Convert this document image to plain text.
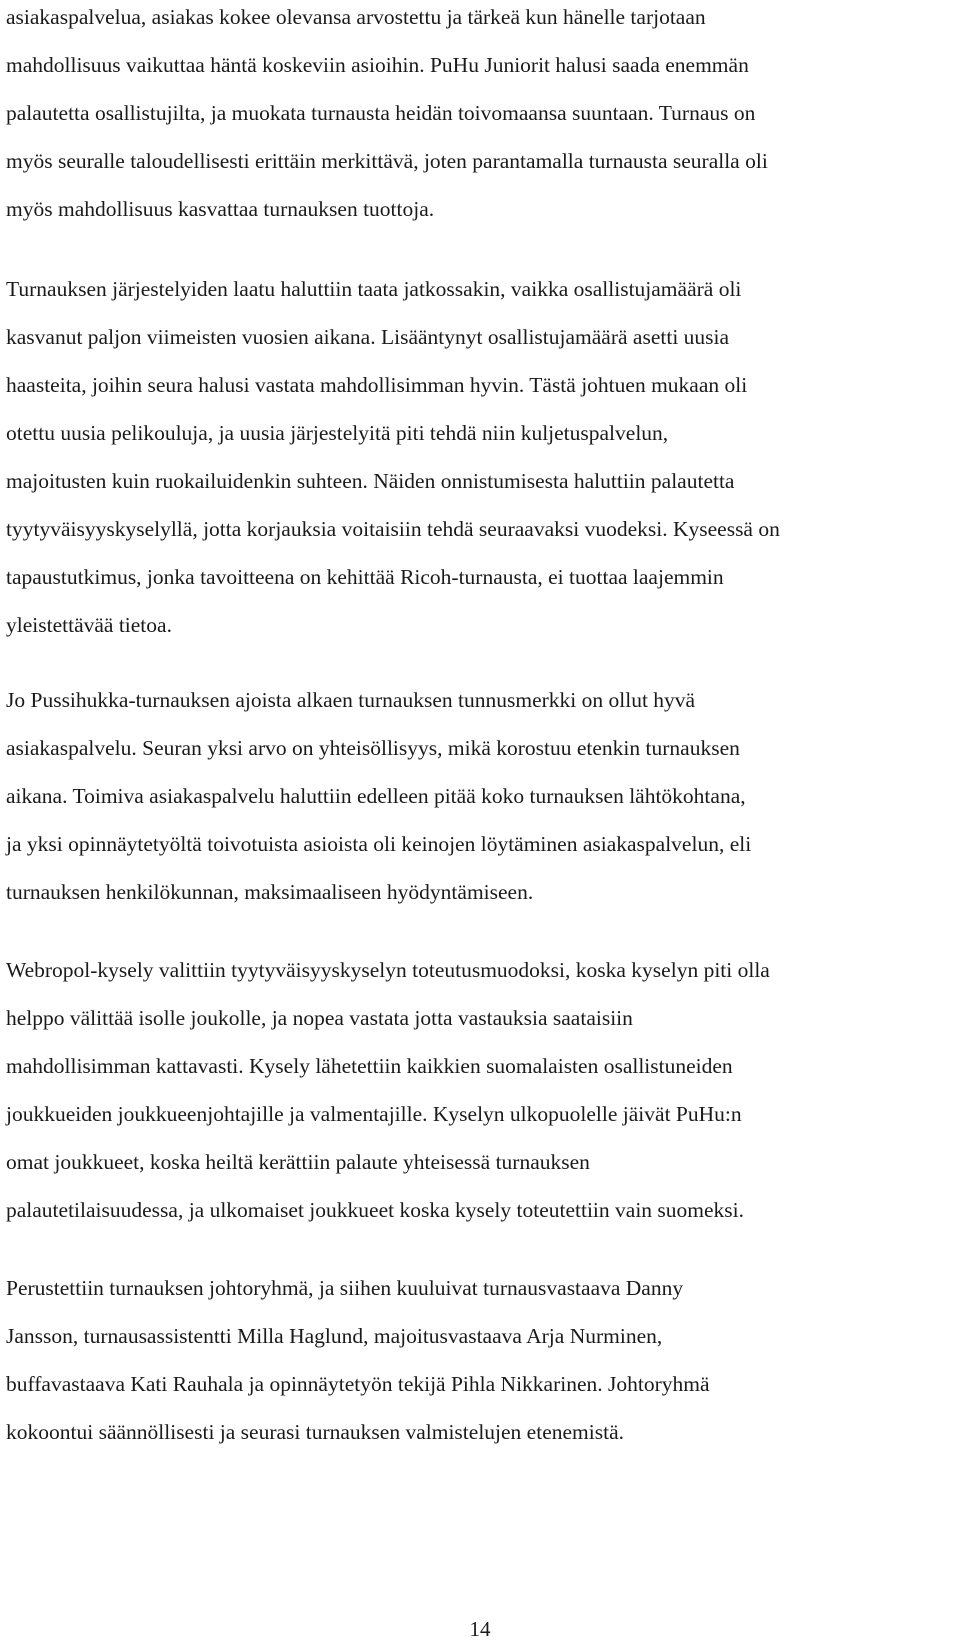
asiakaspalvelua, asiakas kokee olevansa arvostettu ja tärkeä kun hänelle tarjotaan
mahdollisuus vaikuttaa häntä koskeviin asioihin. PuHu Juniorit halusi saada enemmän
palautetta osallistujilta, ja muokata turnausta heidän toivomaansa suuntaan. Turnaus on
myös seuralle taloudellisesti erittäin merkittävä, joten parantamalla turnausta seuralla oli
myös mahdollisuus kasvattaa turnauksen tuottoja.
Turnauksen järjestelyiden laatu haluttiin taata jatkossakin, vaikka osallistujamäärä oli
kasvanut paljon viimeisten vuosien aikana. Lisääntynyt osallistujamäärä asetti uusia
haasteita, joihin seura halusi vastata mahdollisimman hyvin. Tästä johtuen mukaan oli
otettu uusia pelikouluja, ja uusia järjestelyitä piti tehdä niin kuljetuspalvelun,
majoitusten kuin ruokailuidenkin suhteen. Näiden onnistumisesta haluttiin palautetta
tyytyväisyyskyselyllä, jotta korjauksia voitaisiin tehdä seuraavaksi vuodeksi. Kyseessä on
tapaustutkimus, jonka tavoitteena on kehittää Ricoh-turnausta, ei tuottaa laajemmin
yleistettävää tietoa.
Jo Pussihukka-turnauksen ajoista alkaen turnauksen tunnusmerkki on ollut hyvä
asiakaspalvelu. Seuran yksi arvo on yhteisöllisyys, mikä korostuu etenkin turnauksen
aikana. Toimiva asiakaspalvelu haluttiin edelleen pitää koko turnauksen lähtökohtana,
ja yksi opinnäytetyöltä toivotuista asioista oli keinojen löytäminen asiakaspalvelun, eli
turnauksen henkilökunnan, maksimaaliseen hyödyntämiseen.
Webropol-kysely valittiin tyytyväisyyskyselyn toteutusmuodoksi, koska kyselyn piti olla
helppo välittää isolle joukolle, ja nopea vastata jotta vastauksia saataisiin
mahdollisimman kattavasti. Kysely lähetettiin kaikkien suomalaisten osallistuneiden
joukkueiden joukkueenjohtajille ja valmentajille. Kyselyn ulkopuolelle jäivät PuHu:n
omat joukkueet, koska heiltä kerättiin palaute yhteisessä turnauksen
palautetilaisuudessa, ja ulkomaiset joukkueet koska kysely toteutettiin vain suomeksi.
Perustettiin turnauksen johtoryhmä, ja siihen kuuluivat turnausvastaava Danny
Jansson, turnausassistentti Milla Haglund, majoitusvastaava Arja Nurminen,
buffavastaava Kati Rauhala ja opinnäytetyön tekijä Pihla Nikkarinen. Johtoryhmä
kokoontui säännöllisesti ja seurasi turnauksen valmistelujen etenemistä.
14
